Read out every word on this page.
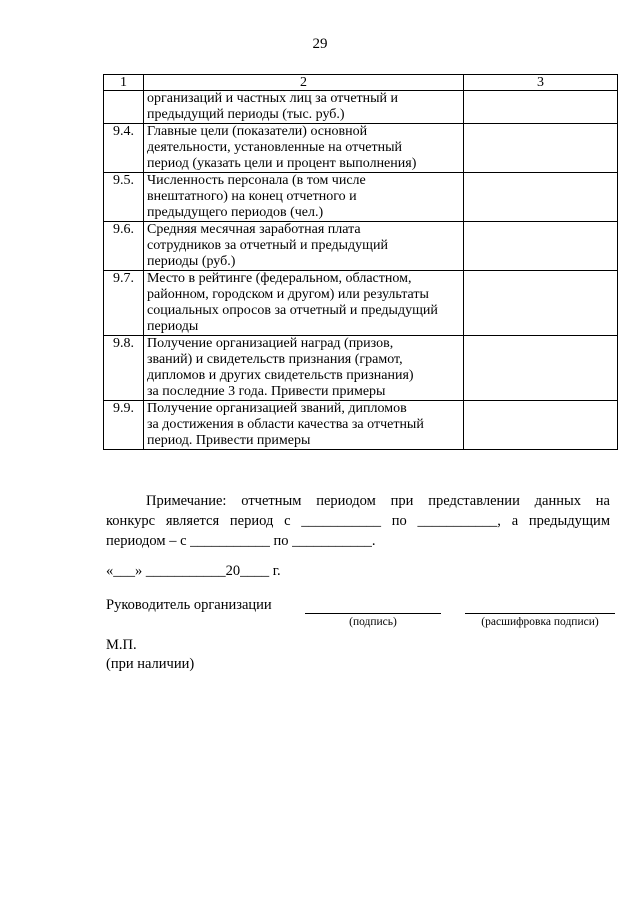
29
1	2	3

	организаций и частных лиц за отчетный и
предыдущий периоды (тыс. руб.)	

9.4.	Главные цели (показатели) основной
деятельности, установленные на отчетный
период (указать цели и процент выполнения)	

9.5.	Численность персонала (в том числе
внештатного) на конец отчетного и
предыдущего периодов (чел.)	

9.6.	Средняя месячная заработная плата
сотрудников за отчетный и предыдущий
периоды (руб.)	

9.7.	Место в рейтинге (федеральном, областном,
районном, городском и другом) или результаты
социальных опросов за отчетный и предыдущий
периоды	

9.8.	Получение организацией наград (призов,
званий) и свидетельств признания (грамот,
дипломов и других свидетельств признания)
за последние 3 года. Привести примеры	

9.9.	Получение организацией званий, дипломов
за достижения в области качества за отчетный
период. Привести примеры	

Примечание: отчетным периодом при представлении данных на
конкурс является период с ___________ по ___________, а предыдущим
периодом – с ___________ по ___________.
«___» ___________20____ г.
Руководитель организации
(подпись)	(расшифровка подписи)
М.П.
(при наличии)
